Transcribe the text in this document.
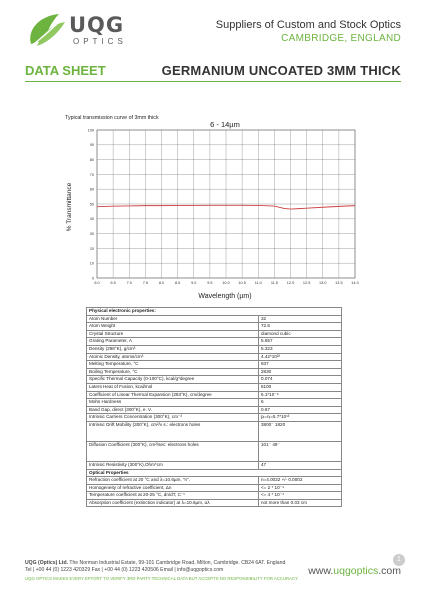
UQG
OPTICS
Suppliers of Custom and Stock Optics
CAMBRIDGE, ENGLAND
DATA SHEET	GERMANIUM UNCOATED 3MM THICK
Typical transmission curve of 3mm thick
6 - 14µm
6.0	6.5	7.0	7.5	8.0	8.5	9.0	9.5	10.0 10.5 11.0 11.5 12.0 12.5 13.0 13.5 14.0
0
10
20
30
40
50
60
70
80
90
100
% Transmittance
Wavelength (µm)
Physical electronic properties:	
Atom Number	32
Atom Weight	72.6
Crystal Structure	diamond cubic
Grating Parameter, A	5.657
Density (298°K), g/cm³	5.323
Atomic Density, atoms/cm³	4.42*10²²
Melting Temperature, °C	937
Boiling Temperature, °C	2830
Specific Thermal Capacity (0-100°C), kcal/g*degree	0.074
Latent Heat of Fusion, kcal/mol	8100
Coefficient of Linear Thermal Expansion (293°K), cm/degree	6.1*10⁻⁶
Mohs Hardness	6
Band Gap, direct (300°K), e. V.	0.67
Intrinsic Carriers Concentration (300°K), cm⁻³	pᵢ=nᵢ=5.7*10¹³
Intrinsic Drift Mobility (300°K), cm²/v s.: electrons holes	3800⁻ 1820
Diffusion Coefficient (300°K), cm²/sec: electrons holes	101⁻ 49⁻
Intrinsic Resistivity (300°K),Ohm*cm	47
Optical Properties	
Refraction coefficient at 20 °C and λ=10.6µm, "n".	n=4.0032 +/- 0.0002
Homogeneity of refractive coefficient, Δn	<= 2 * 10⁻⁴
Temperature coefficient at 20-25 °C, dn/dT, C⁻¹	<= 4 * 10⁻⁴
Absorption coefficient (extinction indicator) at λ=10.6µm, αλ	not more than 0.03 cm
1
UQG (Optics) Ltd. The Norman Industrial Estate, 99-101 Cambridge Road, Milton, Cambridge. CB24 6AT. England.
Tel | +00 44 (0) 1223 420329 Fax | +00 44 (0) 1223 420506 Email | info@uqgoptics.com
UQG OPTICS MAKES EVERY EFFORT TO VERIFY 3RD PARTY TECHNICAL DATA BUT ACCEPTS NO RESPONSIBILITY FOR ACCURACY
www.uqgoptics.com
